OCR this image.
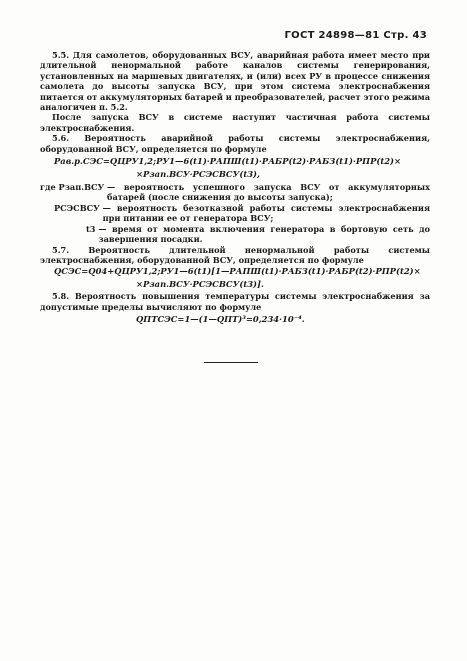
ГОСТ 24898—81 Стр. 43

5.5. Для самолетов, оборудованных ВСУ, аварийная работа имеет место при длительной ненормальной работе каналов системы генерирования, установленных на маршевых двигателях, и (или) всех РУ в процессе снижения самолета до высоты запуска ВСУ, при этом система электроснабжения питается от аккумуляторных батарей и преобразователей, расчет этого режима аналогичен п. 5.2.

После запуска ВСУ в системе наступит частичная работа системы электроснабжения.

5.6. Вероятность аварийной работы системы электроснабжения, оборудованной ВСУ, определяется по формуле

Pав.р.СЭС=QЦРУ1,2;РУ1—6(t1)·PАПШ(t1)·PАБР(t2)·PАБЗ(t1)·PПР(t2)×
×Pзап.ВСУ·PСЭСВСУ(t3),
где
Pзап.ВСУ
— вероятность успешного запуска ВСУ от аккумуляторных батарей (после снижения до высоты запуска);
PСЭСВСУ
— вероятность безотказной работы системы электроснабжения при питании ее от генератора ВСУ;
t3
— время от момента включения генератора в бортовую сеть до завершения посадки.

5.7. Вероятность длительной ненормальной работы системы электроснабжения, оборудованной ВСУ, определяется по формуле

QСЭС=Q04+QЦРУ1,2;РУ1—6(t1)[1—PАПШ(t1)·PАБЗ(t1)·PАБР(t2)·PПР(t2)×
×Pзап.ВСУ·PСЭСВСУ(t3)].

5.8. Вероятность повышения температуры системы электроснабжения за допустимые пределы вычисляют по формуле

QПТСЭС=1—(1—QПТ)³=0,234·10⁻⁴.
